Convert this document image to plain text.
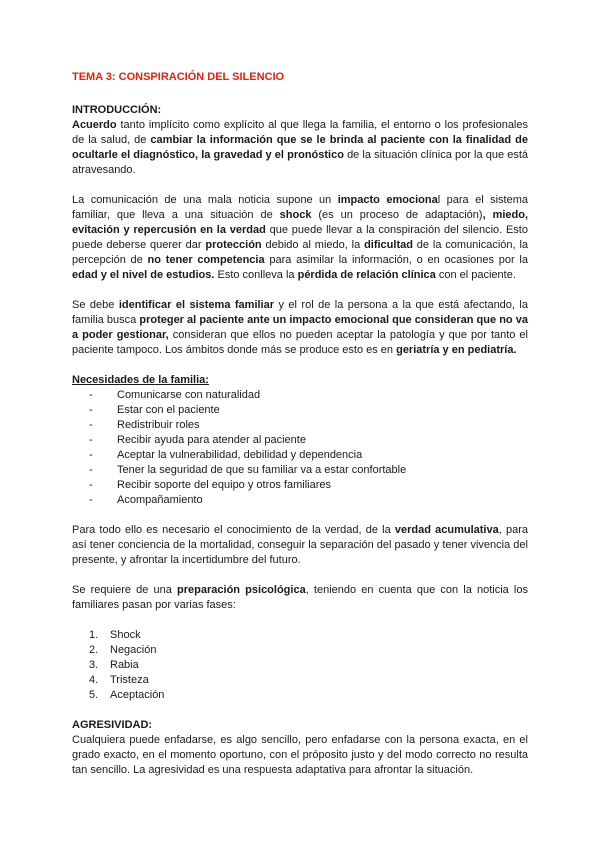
TEMA 3: CONSPIRACIÓN DEL SILENCIO
INTRODUCCIÓN:

Acuerdo tanto implícito como explícito al que llega la familia, el entorno o los profesionales de la salud, de cambiar la información que se le brinda al paciente con la finalidad de ocultarle el diagnóstico, la gravedad y el pronóstico de la situación clínica por la que está atravesando.

La comunicación de una mala noticia supone un impacto emocional para el sistema familiar, que lleva a una situación de shock (es un proceso de adaptación), miedo, evitación y repercusión en la verdad que puede llevar a la conspiración del silencio. Esto puede deberse querer dar protección debido al miedo, la dificultad de la comunicación, la percepción de no tener competencia para asimilar la información, o en ocasiones por la edad y el nivel de estudios. Esto conlleva la pérdida de relación clínica con el paciente.

Se debe identificar el sistema familiar y el rol de la persona a la que está afectando, la familia busca proteger al paciente ante un impacto emocional que consideran que no va a poder gestionar, consideran que ellos no pueden aceptar la patología y que por tanto el paciente tampoco. Los ámbitos donde más se produce esto es en geriatría y en pediatría.

Necesidades de la familia:
- Comunicarse con naturalidad
- Estar con el paciente
- Redistribuir roles
- Recibir ayuda para atender al paciente
- Aceptar la vulnerabilidad, debilidad y dependencia
- Tener la seguridad de que su familiar va a estar confortable
- Recibir soporte del equipo y otros familiares
- Acompañamiento

Para todo ello es necesario el conocimiento de la verdad, de la verdad acumulativa, para así tener conciencia de la mortalidad, conseguir la separación del pasado y tener vivencia del presente, y afrontar la incertidumbre del futuro.

Se requiere de una preparación psicológica, teniendo en cuenta que con la noticia los familiares pasan por varias fases:

1. Shock
2. Negación
3. Rabia
4. Tristeza
5. Aceptación
AGRESIVIDAD:

Cualquiera puede enfadarse, es algo sencillo, pero enfadarse con la persona exacta, en el grado exacto, en el momento oportuno, con el próposito justo y del modo correcto no resulta tan sencillo. La agresividad es una respuesta adaptativa para afrontar la situación.
